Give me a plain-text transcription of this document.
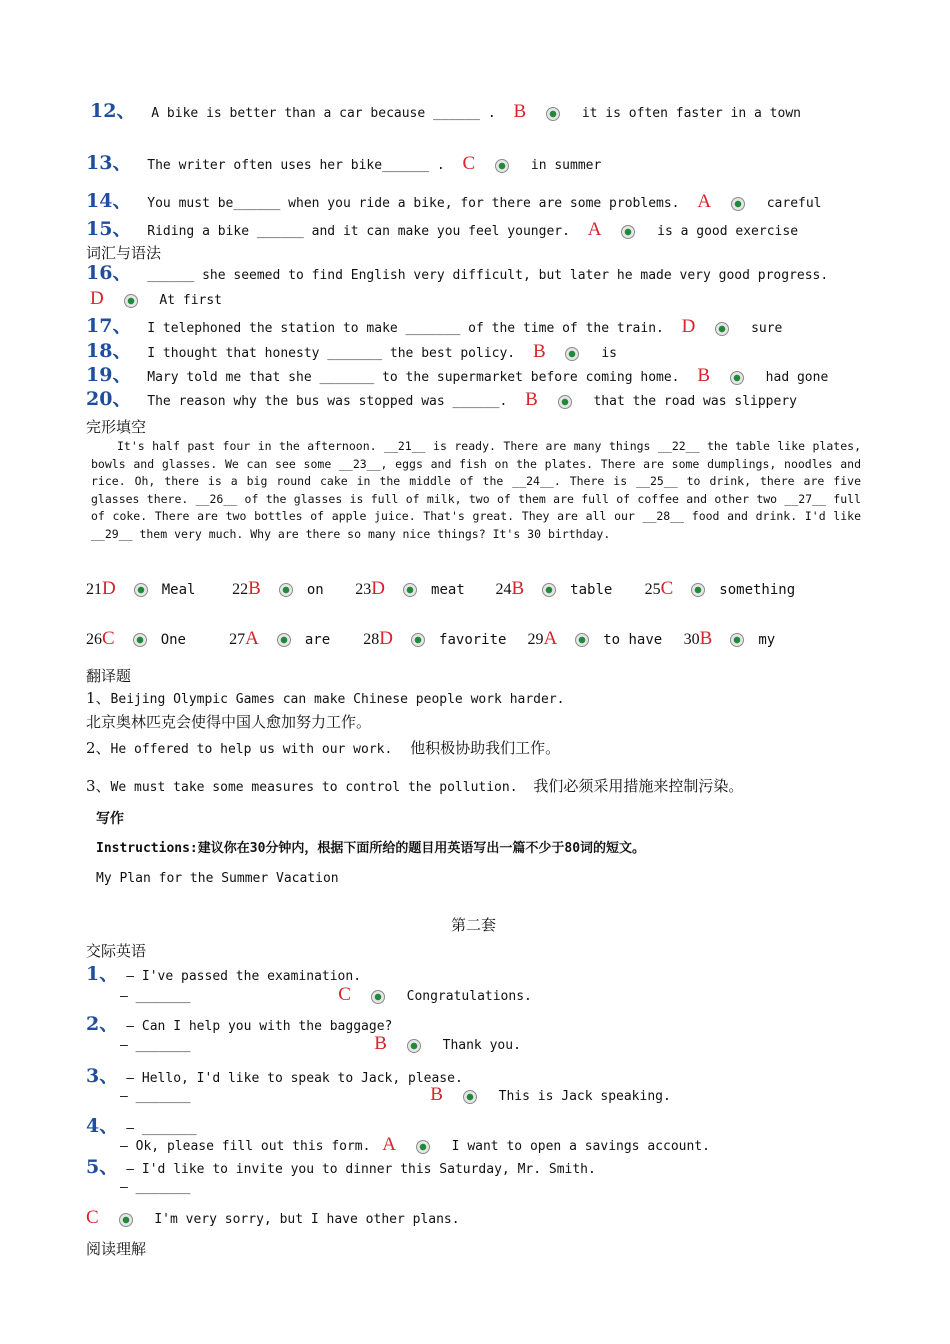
12、 A bike is better than a car because ______ . B	it is often faster in a town
13、 The writer often uses her bike______ . C	in summer
14、 You must be______ when you ride a bike, for there are some problems. A	careful
15、 Riding a bike ______ and it can make you feel younger. A	is a good exercise
词汇与语法
16、 ______ she seemed to find English very difficult, but later he made very good progress.
D	At first
17、 I telephoned the station to make _______ of the time of the train. D	sure
18、 I thought that honesty _______ the best policy. B	is
19、 Mary told me that she _______ to the supermarket before coming home. B	had gone
20、 The reason why the bus was stopped was ______. B	that the road was slippery
完形填空
It's half past four in the afternoon. __21__ is ready. There are many things __22__ the table like plates, bowls and glasses. We can see some __23__, eggs and fish on the plates. There are some dumplings, noodles and rice. Oh, there is a big round cake in the middle of the __24__. There is __25__ to drink, there are five glasses there. __26__ of the glasses is full of milk, two of them are full of coffee and other two __27__ full of coke. There are two bottles of apple juice. That's great. They are all our __28__ food and drink. I'd like __29__ them very much. Why are there so many nice things? It's 30 birthday.
21D	Meal 22B	on 23D	meat 24B	table 25C	something
26C	One	27A	are 28D	favorite 29A	to have 30B	my
翻译题
1、Beijing Olympic Games can make Chinese people work harder.
北京奥林匹克会使得中国人愈加努力工作。
2、He offered to help us with our work. 他积极协助我们工作。
3、We must take some measures to control the pollution. 我们必须采用措施来控制污染。
写作
Instructions:建议你在30分钟内，根据下面所给的题目用英语写出一篇不少于80词的短文。
My Plan for the Summer Vacation
第二套
交际英语
1、 – I've passed the examination.
– _______	C	Congratulations.
2、 – Can I help you with the baggage?
– _______	B	Thank you.
3、 – Hello, I'd like to speak to Jack, please.
– _______	B	This is Jack speaking.
4、 – _______
– Ok, please fill out this form. A	I want to open a savings account.
5、 – I'd like to invite you to dinner this Saturday, Mr. Smith.
– _______
C	I'm very sorry, but I have other plans.
阅读理解
